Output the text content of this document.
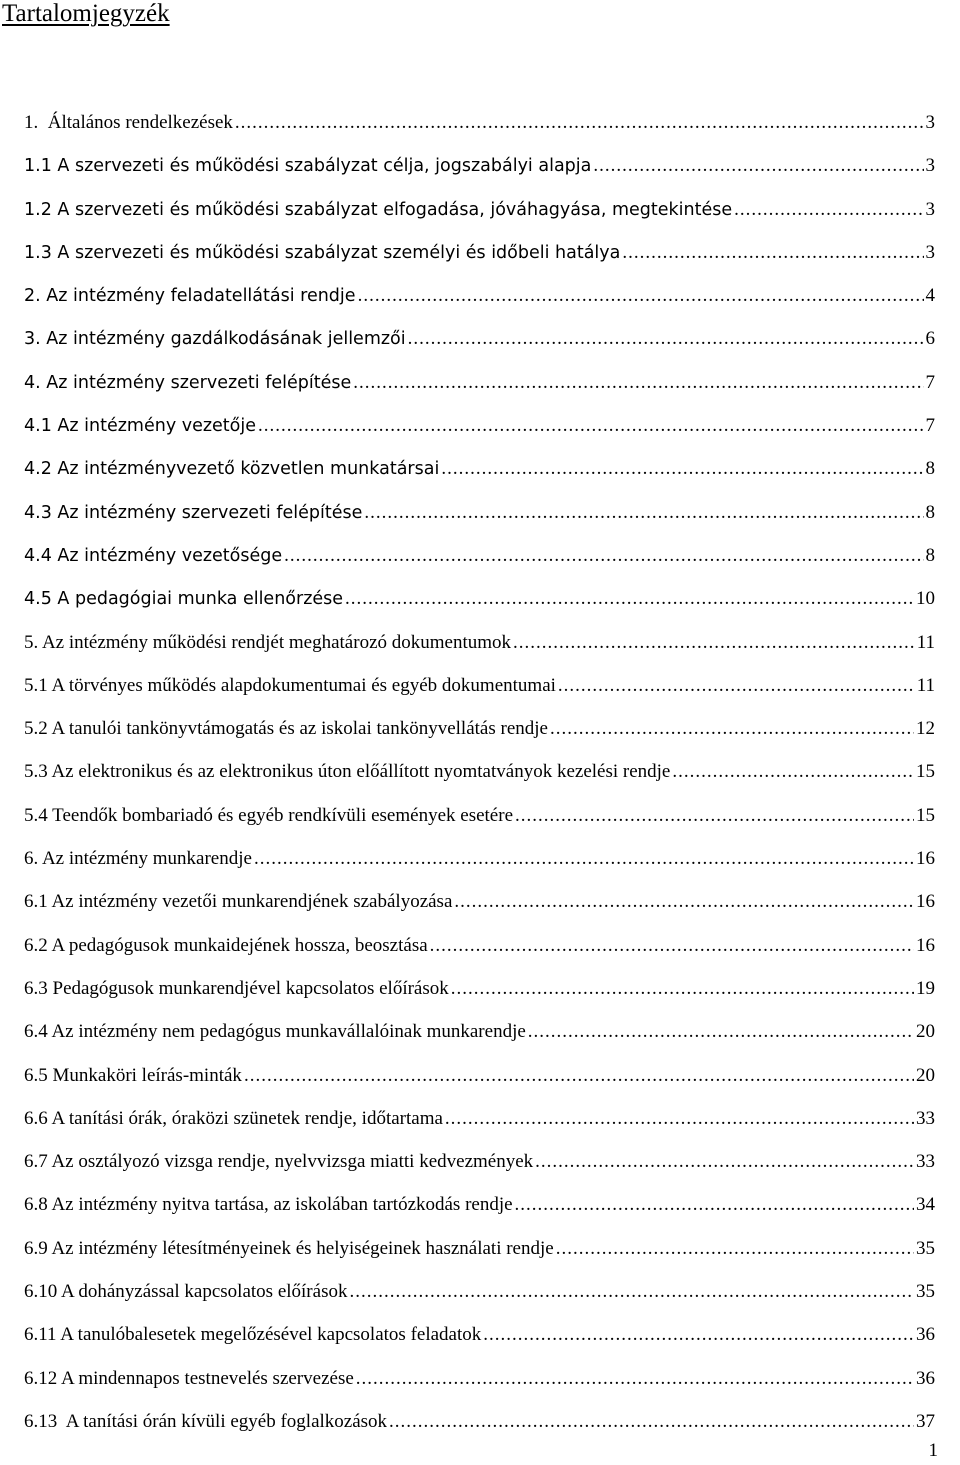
Tartalomjegyzék
1. Általános rendelkezések .....	3
1.1 A szervezeti és működési szabályzat célja, jogszabályi alapja .....	3
1.2 A szervezeti és működési szabályzat elfogadása, jóváhagyása, megtekintése .....	3
1.3 A szervezeti és működési szabályzat személyi és időbeli hatálya .....	3
2. Az intézmény feladatellátási rendje .....	4
3. Az intézmény gazdálkodásának jellemzői .....	6
4. Az intézmény szervezeti felépítése .....	7
4.1 Az intézmény vezetője .....	7
4.2 Az intézményvezető közvetlen munkatársai .....	8
4.3 Az intézmény szervezeti felépítése .....	8
4.4 Az intézmény vezetősége .....	8
4.5 A pedagógiai munka ellenőrzése .....	10
5. Az intézmény működési rendjét meghatározó dokumentumok .....	11
5.1 A törvényes működés alapdokumentumai és egyéb dokumentumai .....	11
5.2 A tanulói tankönyvtámogatás és az iskolai tankönyvellátás rendje .....	12
5.3 Az elektronikus és az elektronikus úton előállított nyomtatványok kezelési rendje .....	15
5.4 Teendők bombariadó és egyéb rendkívüli események esetére .....	15
6. Az intézmény munkarendje .....	16
6.1 Az intézmény vezetői munkarendjének szabályozása .....	16
6.2 A pedagógusok munkaidejének hossza, beosztása .....	16
6.3 Pedagógusok munkarendjével kapcsolatos előírások .....	19
6.4 Az intézmény nem pedagógus munkavállalóinak munkarendje .....	20
6.5 Munkaköri leírás-minták .....	20
6.6 A tanítási órák, óraközi szünetek rendje, időtartama .....	33
6.7 Az osztályozó vizsga rendje, nyelvvizsga miatti kedvezmények .....	33
6.8 Az intézmény nyitva tartása, az iskolában tartózkodás rendje .....	34
6.9 Az intézmény létesítményeinek és helyiségeinek használati rendje .....	35
6.10 A dohányzással kapcsolatos előírások .....	35
6.11 A tanulóbalesetek megelőzésével kapcsolatos feladatok .....	36
6.12 A mindennapos testnevelés szervezése .....	36
6.13 A tanítási órán kívüli egyéb foglalkozások .....	37
1
